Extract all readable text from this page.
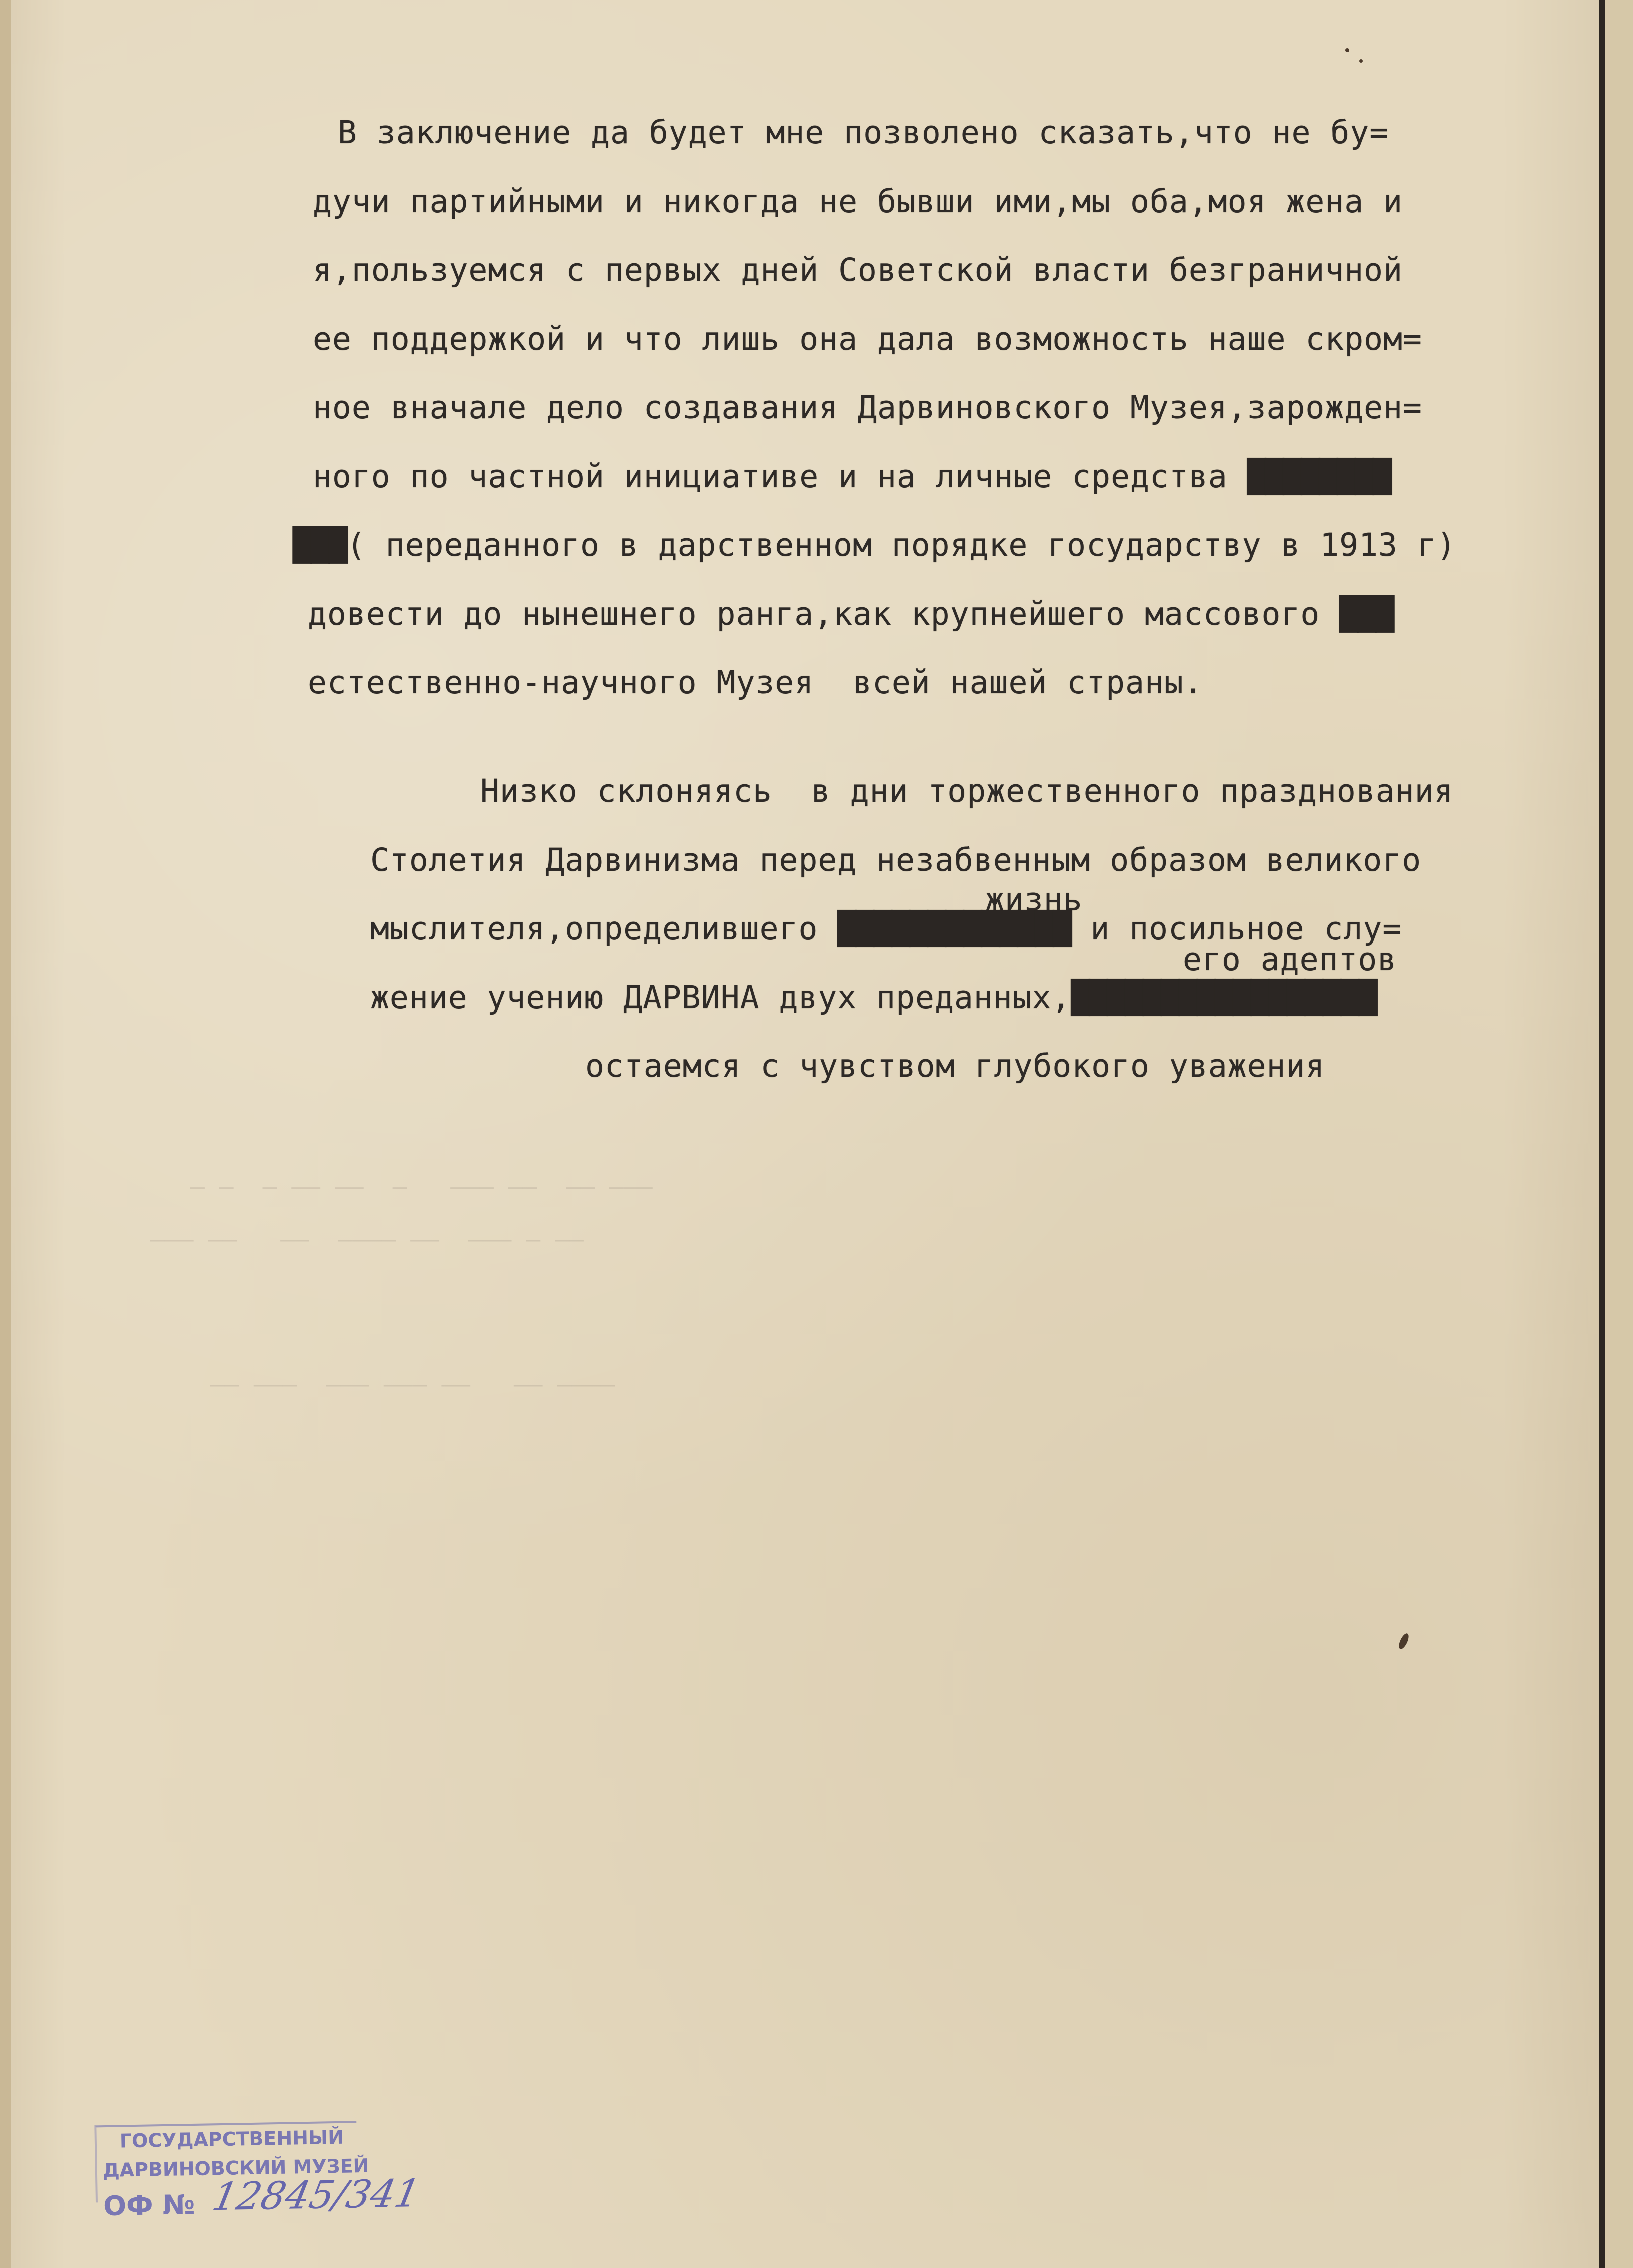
— —  — —— ——  —   ——— ——  —— ———
——— ——   ——  ———— ——  ——— — ——
—— ———  ——— ——— ——   —— ————
В заключение да будет мне позволено сказать,что не бу=
дучи партийными и никогда не бывши ими,мы оба,моя жена и
я,пользуемся с первых дней Советской власти безграничной
ее поддержкой и что лишь она дала возможность наше скром=
ное вначале дело создавания Дарвиновского Музея,зарожден=
ного по частной инициативе и на личные средства ████████
███( переданного в дарственном порядке государству в 1913 г)
довести до нынешнего ранга,как крупнейшего массового ███
естественно-научного Музея  всей нашей страны.
Низко склоняясь  в дни торжественного празднования
Столетия Дарвинизма перед незабвенным образом великого
жизнь
мыслителя,определившего █████████████ и посильное слу=
его адептов
жение учению ДАРВИНА двух преданных,█████████████████
остаемся с чувством глубокого уважения
ГОСУДАРСТВЕННЫЙ
ДАРВИНОВСКИЙ МУЗЕЙ
ОФ № 12845/341
